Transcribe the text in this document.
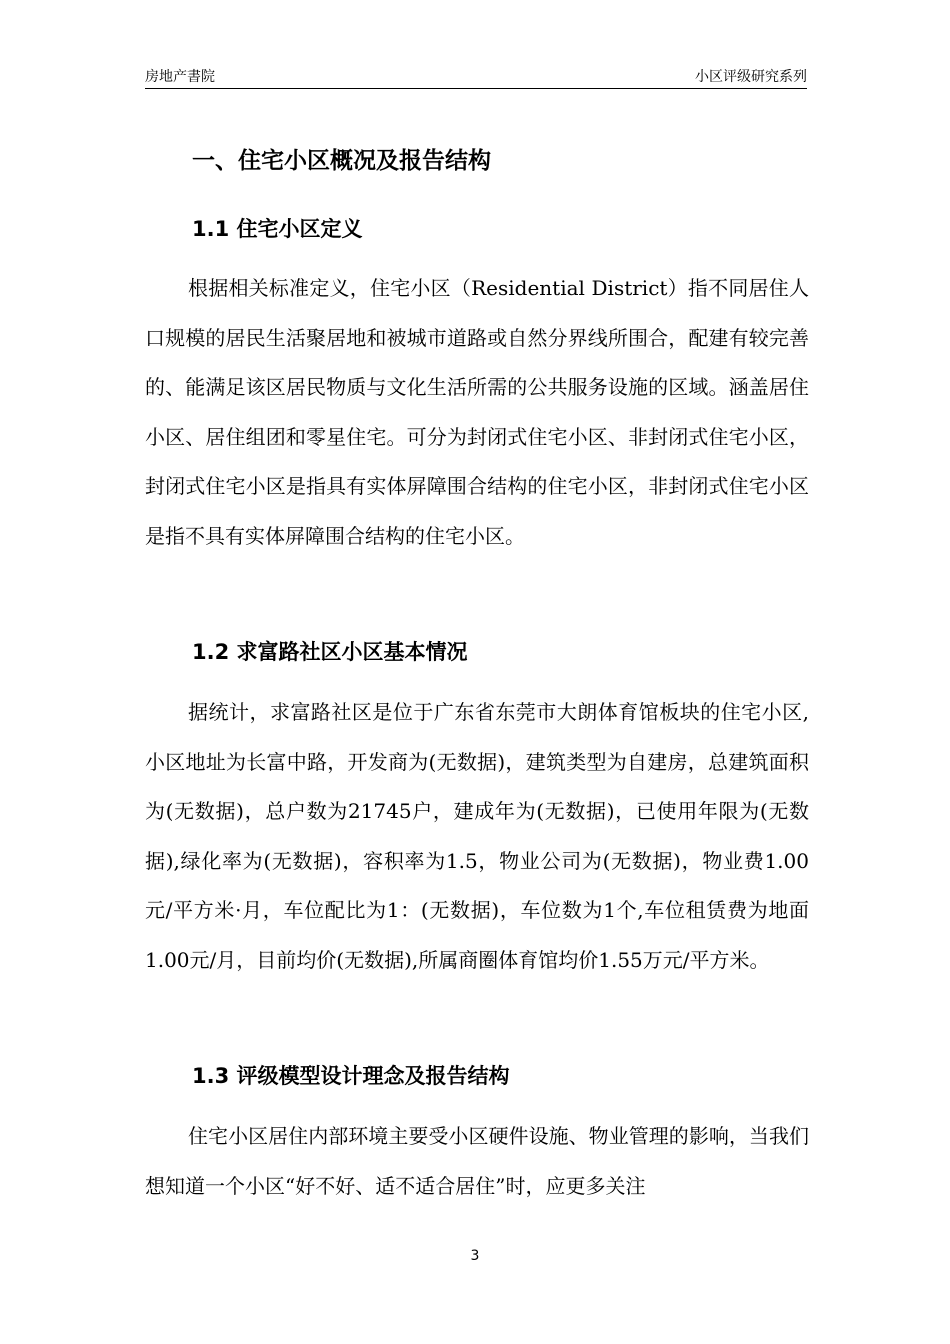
房地产書院	小区评级研究系列
一、住宅小区概况及报告结构
1.1 住宅小区定义

根据相关标准定义，住宅小区（Residential District）指不同居住人口规模的居民生活聚居地和被城市道路或自然分界线所围合，配建有较完善的、能满足该区居民物质与文化生活所需的公共服务设施的区域。涵盖居住小区、居住组团和零星住宅。可分为封闭式住宅小区、非封闭式住宅小区，封闭式住宅小区是指具有实体屏障围合结构的住宅小区，非封闭式住宅小区是指不具有实体屏障围合结构的住宅小区。

1.2 求富路社区小区基本情况

据统计，求富路社区是位于广东省东莞市大朗体育馆板块的住宅小区,小区地址为长富中路，开发商为(无数据)，建筑类型为自建房，总建筑面积为(无数据)，总户数为21745户，建成年为(无数据)，已使用年限为(无数据),绿化率为(无数据)，容积率为1.5，物业公司为(无数据)，物业费1.00元/平方米·月，车位配比为1：(无数据)，车位数为1个,车位租赁费为地面1.00元/月，目前均价(无数据),所属商圈体育馆均价1.55万元/平方米。

1.3 评级模型设计理念及报告结构

住宅小区居住内部环境主要受小区硬件设施、物业管理的影响，当我们想知道一个小区“好不好、适不适合居住”时，应更多关注

3
